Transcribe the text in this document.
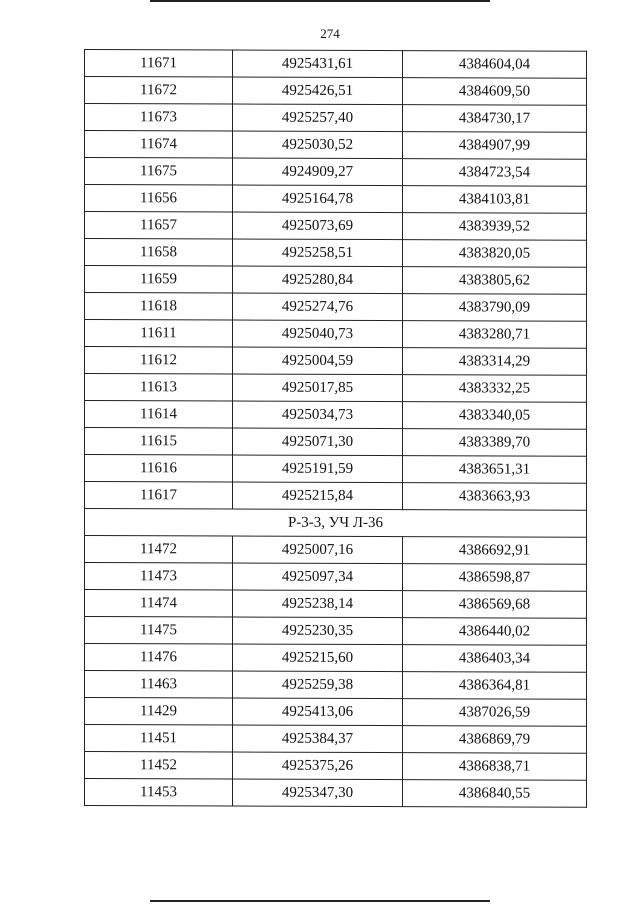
274
11671	4925431,61	4384604,04
11672	4925426,51	4384609,50
11673	4925257,40	4384730,17
11674	4925030,52	4384907,99
11675	4924909,27	4384723,54
11656	4925164,78	4384103,81
11657	4925073,69	4383939,52
11658	4925258,51	4383820,05
11659	4925280,84	4383805,62
11618	4925274,76	4383790,09
11611	4925040,73	4383280,71
11612	4925004,59	4383314,29
11613	4925017,85	4383332,25
11614	4925034,73	4383340,05
11615	4925071,30	4383389,70
11616	4925191,59	4383651,31
11617	4925215,84	4383663,93
Р-3-3, УЧ Л-36		
11472	4925007,16	4386692,91
11473	4925097,34	4386598,87
11474	4925238,14	4386569,68
11475	4925230,35	4386440,02
11476	4925215,60	4386403,34
11463	4925259,38	4386364,81
11429	4925413,06	4387026,59
11451	4925384,37	4386869,79
11452	4925375,26	4386838,71
11453	4925347,30	4386840,55
